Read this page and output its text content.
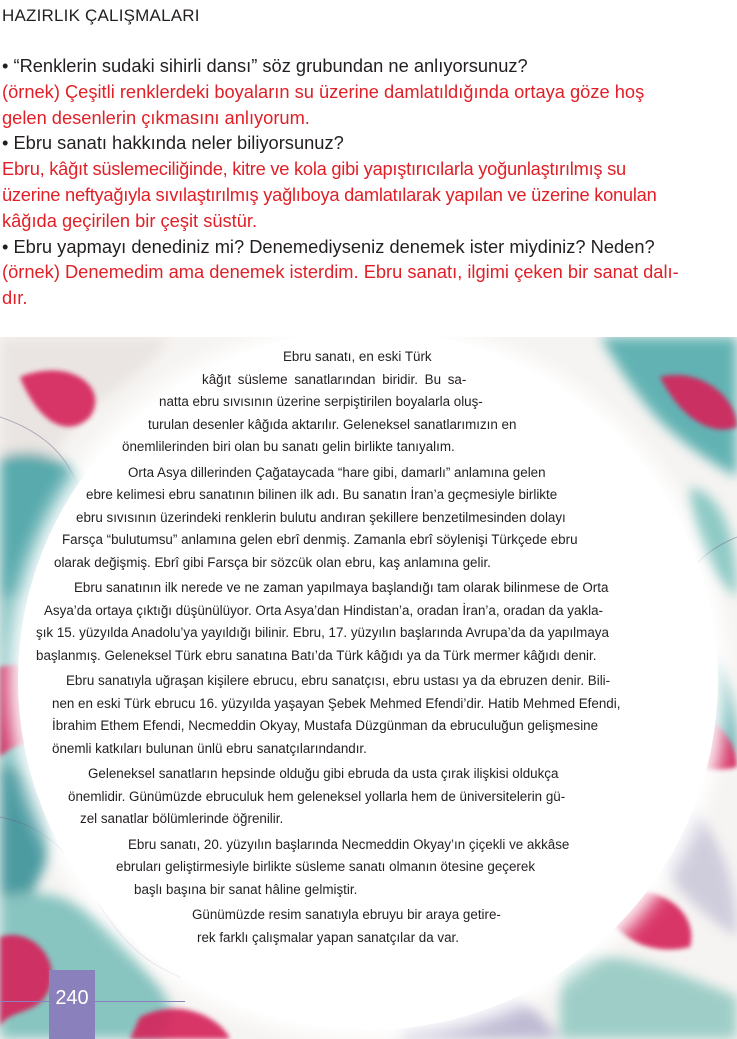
HAZIRLIK ÇALIŞMALARI

• “Renklerin sudaki sihirli dansı” söz grubundan ne anlıyorsunuz?

(örnek) Çeşitli renklerdeki boyaların su üzerine damlatıldığında ortaya göze hoş

gelen desenlerin çıkmasını anlıyorum.

• Ebru sanatı hakkında neler biliyorsunuz?

Ebru, kâğıt süslemeciliğinde, kitre ve kola gibi yapıştırıcılarla yoğunlaştırılmış su

üzerine neftyağıyla sıvılaştırılmış yağlıboya damlatılarak yapılan ve üzerine konulan

kâğıda geçirilen bir çeşit süstür.

• Ebru yapmayı denediniz mi? Denemediyseniz denemek ister miydiniz? Neden?

(örnek) Denemedim ama denemek isterdim. Ebru sanatı, ilgimi çeken bir sanat dalı-

dır.

Ebru sanatı, en eski Türk
kâğıt süsleme sanatlarından biridir. Bu sa-
natta ebru sıvısının üzerine serpiştirilen boyalarla oluş-
turulan desenler kâğıda aktarılır. Geleneksel sanatlarımızın en
önemlilerinden biri olan bu sanatı gelin birlikte tanıyalım.

Orta Asya dillerinden Çağataycada “hare gibi, damarlı” anlamına gelen
ebre kelimesi ebru sanatının bilinen ilk adı. Bu sanatın İran’a geçmesiyle birlikte
ebru sıvısının üzerindeki renklerin bulutu andıran şekillere benzetilmesinden dolayı
Farsça “bulutumsu” anlamına gelen ebrî denmiş. Zamanla ebrî söylenişi Türkçede ebru
olarak değişmiş. Ebrî gibi Farsça bir sözcük olan ebru, kaş anlamına gelir.

Ebru sanatının ilk nerede ve ne zaman yapılmaya başlandığı tam olarak bilinmese de Orta
Asya’da ortaya çıktığı düşünülüyor. Orta Asya’dan Hindistan’a, oradan İran’a, oradan da yakla-
şık 15. yüzyılda Anadolu’ya yayıldığı bilinir. Ebru, 17. yüzyılın başlarında Avrupa’da da yapılmaya
başlanmış. Geleneksel Türk ebru sanatına Batı’da Türk kâğıdı ya da Türk mermer kâğıdı denir.

Ebru sanatıyla uğraşan kişilere ebrucu, ebru sanatçısı, ebru ustası ya da ebruzen denir. Bili-
nen en eski Türk ebrucu 16. yüzyılda yaşayan Şebek Mehmed Efendi’dir. Hatib Mehmed Efendi,
İbrahim Ethem Efendi, Necmeddin Okyay, Mustafa Düzgünman da ebruculuğun gelişmesine
önemli katkıları bulunan ünlü ebru sanatçılarındandır.

Geleneksel sanatların hepsinde olduğu gibi ebruda da usta çırak ilişkisi oldukça
önemlidir. Günümüzde ebruculuk hem geleneksel yollarla hem de üniversitelerin gü-
zel sanatlar bölümlerinde öğrenilir.

Ebru sanatı, 20. yüzyılın başlarında Necmeddin Okyay’ın çiçekli ve akkâse
ebruları geliştirmesiyle birlikte süsleme sanatı olmanın ötesine geçerek
başlı başına bir sanat hâline gelmiştir.

Günümüzde resim sanatıyla ebruyu bir araya getire-
rek farklı çalışmalar yapan sanatçılar da var.

240
